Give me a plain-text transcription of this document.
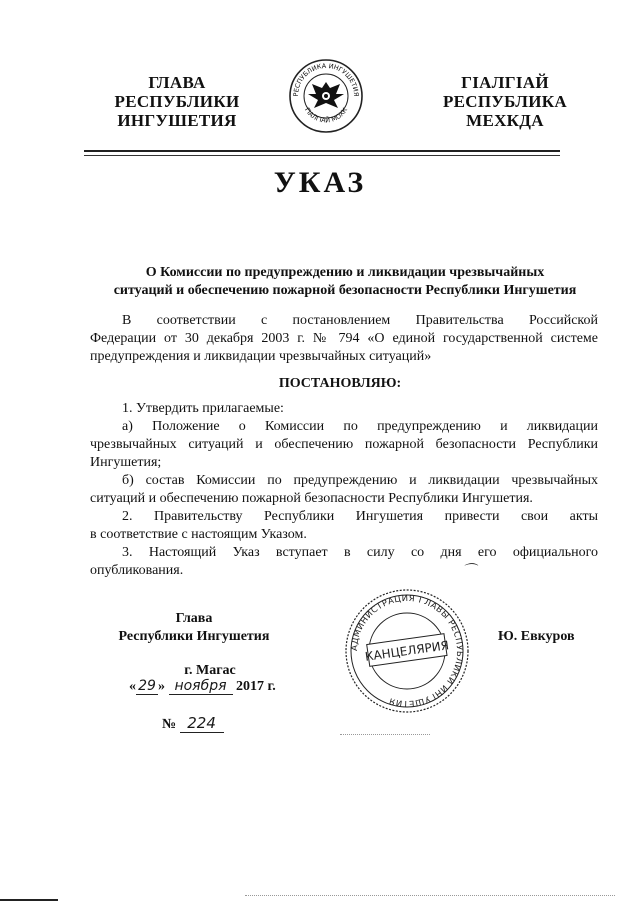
ГЛАВА
РЕСПУБЛИКИ
ИНГУШЕТИЯ
РЕСПУБЛИКА ИНГУШЕТИЯ
ГIАЛГIАЙ МОХК
ГIАЛГIАЙ
РЕСПУБЛИКА
МЕХКДА
УКАЗ
О Комиссии по предупреждению и ликвидации чрезвычайных
ситуаций и обеспечению пожарной безопасности Республики Ингушетия
В соответствии с постановлением Правительства Российской
Федерации от 30 декабря 2003 г. № 794 «О единой государственной системе
предупреждения и ликвидации чрезвычайных ситуаций»
ПОСТАНОВЛЯЮ:
1. Утвердить прилагаемые:
а) Положение о Комиссии по предупреждению и ликвидации
чрезвычайных ситуаций и обеспечению пожарной безопасности Республики
Ингушетия;
б) состав Комиссии по предупреждению и ликвидации чрезвычайных
ситуаций и обеспечению пожарной безопасности Республики Ингушетия.
2. Правительству Республики Ингушетия привести свои акты
в соответствие с настоящим Указом.
3. Настоящий Указ вступает в силу со дня его официального
опубликования.	⌒
Глава
Республики Ингушетия
г. Магас
« 29 » ноября 2017 г.
№ 224
АДМИНИСТРАЦИЯ ГЛАВЫ РЕСПУБЛИКИ ИНГУШЕТИЯ
КАНЦЕЛЯРИЯ
Ю. Евкуров
